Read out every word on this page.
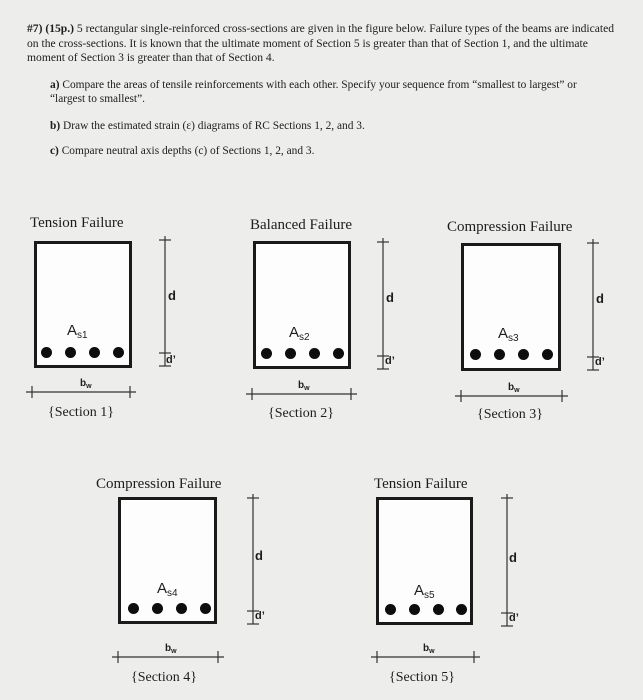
#7) (15p.) 5 rectangular single-reinforced cross-sections are given in the figure below. Failure types of the beams are indicated on the cross-sections. It is known that the ultimate moment of Section 5 is greater than that of Section 1, and the ultimate moment of Section 3 is greater than that of Section 4.
a) Compare the areas of tensile reinforcements with each other. Specify your sequence from “smallest to largest” or “largest to smallest”.
b) Draw the estimated strain (ε) diagrams of RC Sections 1, 2, and 3.
c) Compare neutral axis depths (c) of Sections 1, 2, and 3.
Tension Failure
$A_{s1}$
d
d’
$b_w$
{Section 1}
Balanced Failure
$A_{s2}$
d
d’
$b_w$
{Section 2}
Compression Failure
$A_{s3}$
d
d’
$b_w$
{Section 3}
Compression Failure
$A_{s4}$
d
d’
$b_w$
{Section 4}
Tension Failure
$A_{s5}$
d
d’
$b_w$
{Section 5}
